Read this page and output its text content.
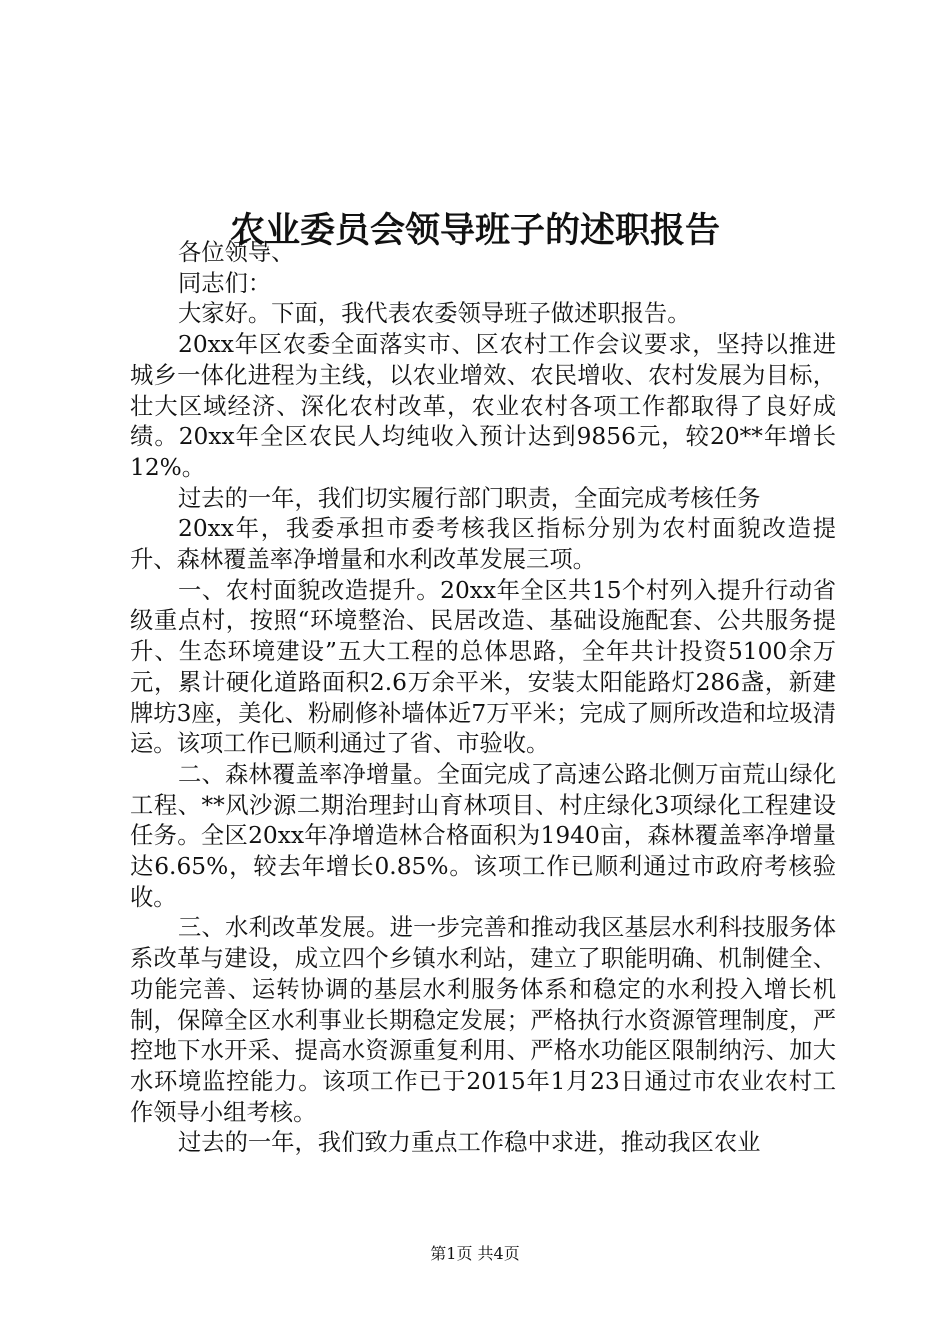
农业委员会领导班子的述职报告

各位领导、

同志们：

大家好。下面，我代表农委领导班子做述职报告。

20xx年区农委全面落实市、区农村工作会议要求，坚持以推进城乡一体化进程为主线，以农业增效、农民增收、农村发展为目标，壮大区域经济、深化农村改革，农业农村各项工作都取得了良好成绩。20xx年全区农民人均纯收入预计达到9856元，较20**年增长12%。

过去的一年，我们切实履行部门职责，全面完成考核任务

20xx年，我委承担市委考核我区指标分别为农村面貌改造提升、森林覆盖率净增量和水利改革发展三项。

一、农村面貌改造提升。20xx年全区共15个村列入提升行动省级重点村，按照“环境整治、民居改造、基础设施配套、公共服务提升、生态环境建设”五大工程的总体思路，全年共计投资5100余万元，累计硬化道路面积2.6万余平米，安装太阳能路灯286盏，新建牌坊3座，美化、粉刷修补墙体近7万平米；完成了厕所改造和垃圾清运。该项工作已顺利通过了省、市验收。

二、森林覆盖率净增量。全面完成了高速公路北侧万亩荒山绿化工程、**风沙源二期治理封山育林项目、村庄绿化3项绿化工程建设任务。全区20xx年净增造林合格面积为1940亩，森林覆盖率净增量达6.65%，较去年增长0.85%。该项工作已顺利通过市政府考核验收。

三、水利改革发展。进一步完善和推动我区基层水利科技服务体系改革与建设，成立四个乡镇水利站，建立了职能明确、机制健全、功能完善、运转协调的基层水利服务体系和稳定的水利投入增长机制，保障全区水利事业长期稳定发展；严格执行水资源管理制度，严控地下水开采、提高水资源重复利用、严格水功能区限制纳污、加大水环境监控能力。该项工作已于2015年1月23日通过市农业农村工作领导小组考核。

过去的一年，我们致力重点工作稳中求进，推动我区农业

第1页 共4页
